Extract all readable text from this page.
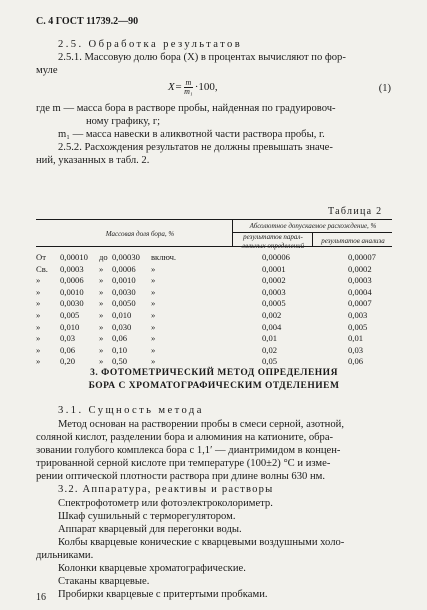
С. 4 ГОСТ 11739.2—90
2.5. Обработка результатов
2.5.1. Массовую долю бора (X) в процентах вычисляют по фор-
муле
$X= \frac{m}{\text{m₁}} \cdot 100$,	(1)
где m — масса бора в растворе пробы, найденная по градуировоч-
ному графику, г;
m₁ — масса навески в аликвотной части раствора пробы, г.
2.5.2. Расхождения результатов не должны превышать значе-
ний, указанных в табл. 2.
Таблица 2
Массовая доля бора, %
Абсолютное допускаемое расхождение, %
результатов парал-
лельных определений
результатов анализа
От 0,00010 до 0,00030 включ.	0,00006	0,00007
Св. 0,0003 » 0,0006 »	0,0001	0,0002
» 0,0006 » 0,0010 »	0,0002	0,0003
» 0,0010 » 0,0030 »	0,0003	0,0004
» 0,0030 » 0,0050 »	0,0005	0,0007
» 0,005 » 0,010 »	0,002	0,003
» 0,010 » 0,030 »	0,004	0,005
» 0,03	» 0,06	»	0,01	0,01
» 0,06	» 0,10	»	0,02	0,03
» 0,20	» 0,50	»	0,05	0,06
3. ФОТОМЕТРИЧЕСКИЙ МЕТОД ОПРЕДЕЛЕНИЯ
БОРА С ХРОМАТОГРАФИЧЕСКИМ ОТДЕЛЕНИЕМ
3.1. Сущность метода
Метод основан на растворении пробы в смеси серной, азотной,
соляной кислот, разделении бора и алюминия на катионите, обра-
зовании голубого комплекса бора с 1,1′ — диантримидом в концен-
трированной серной кислоте при температуре (100±2) °С и изме-
рении оптической плотности раствора при длине волны 630 нм.
3.2. Аппаратура, реактивы и растворы
Спектрофотометр или фотоэлектроколориметр.
Шкаф сушильный с терморегулятором.
Аппарат кварцевый для перегонки воды.
Колбы кварцевые конические с кварцевыми воздушными холо-
дильниками.
Колонки кварцевые хроматографические.
Стаканы кварцевые.
Пробирки кварцевые с притертыми пробками.
16
